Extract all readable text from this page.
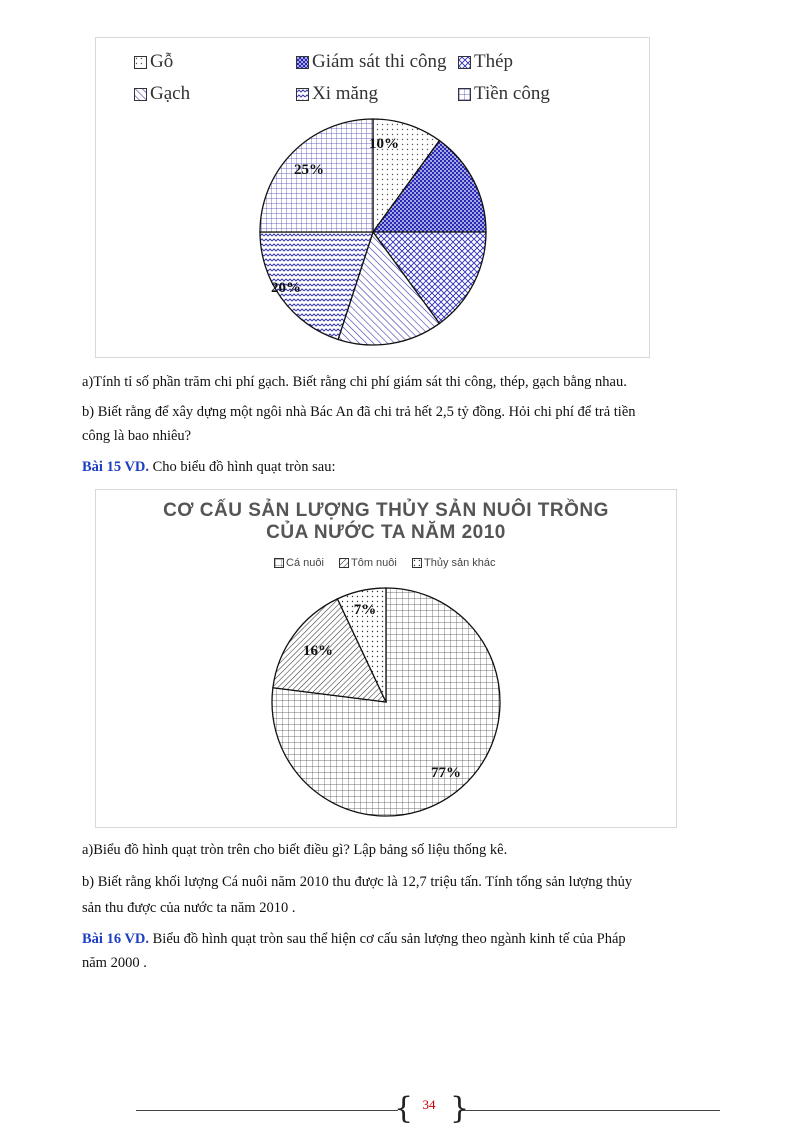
Gỗ	Giám sát thi công Thép
Gạch	Xi măng	Tiền công
10%
20%
25%
a)Tính tỉ số phần trăm chi phí gạch. Biết rằng chi phí giám sát thi công, thép, gạch bằng nhau.
b) Biết rằng để xây dựng một ngôi nhà Bác An đã chi trả hết 2,5 tỷ đồng. Hỏi chi phí để trả tiền
công là bao nhiêu?
Bài 15 VD. Cho biểu đồ hình quạt tròn sau:
CƠ CẤU SẢN LƯỢNG THỦY SẢN NUÔI TRỒNG
CỦA NƯỚC TA NĂM 2010
Cá nuôi Tôm nuôi Thủy sản khác
77%
16%
7%
a)Biểu đồ hình quạt tròn trên cho biết điều gì? Lập bảng số liệu thống kê.
b) Biết rằng khối lượng Cá nuôi năm 2010 thu được là 12,7 triệu tấn. Tính tổng sản lượng thủy
sản thu được của nước ta năm 2010 .
Bài 16 VD. Biểu đồ hình quạt tròn sau thể hiện cơ cấu sản lượng theo ngành kinh tế của Pháp
năm 2000 .
{ }
34
